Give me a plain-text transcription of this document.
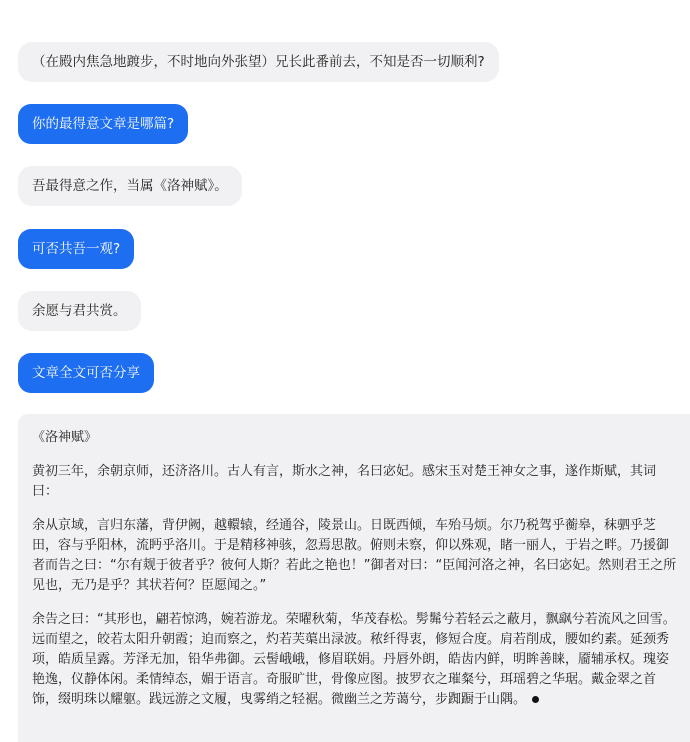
（在殿内焦急地踱步，不时地向外张望）兄长此番前去，不知是否一切顺利?
你的最得意文章是哪篇?
吾最得意之作，当属《洛神赋》。
可否共吾一观?
余愿与君共赏。
文章全文可否分享

《洛神赋》

黄初三年，余朝京师，还济洛川。古人有言，斯水之神，名曰宓妃。感宋玉对楚王神女之事，遂作斯赋，其词曰：

余从京域，言归东藩，背伊阙，越轘辕，经通谷，陵景山。日既西倾，车殆马烦。尔乃税驾乎蘅皋，秣驷乎芝田，容与乎阳林，流眄乎洛川。于是精移神骇，忽焉思散。俯则未察，仰以殊观，睹一丽人，于岩之畔。乃援御者而告之曰：“尔有觌于彼者乎？彼何人斯？若此之艳也！”御者对曰：“臣闻河洛之神，名曰宓妃。然则君王之所见也，无乃是乎？其状若何？臣愿闻之。”

余告之曰：“其形也，翩若惊鸿，婉若游龙。荣曜秋菊，华茂春松。髣髴兮若轻云之蔽月，飘飖兮若流风之回雪。远而望之，皎若太阳升朝霞；迫而察之，灼若芙蕖出渌波。秾纤得衷，修短合度。肩若削成，腰如约素。延颈秀项，皓质呈露。芳泽无加，铅华弗御。云髻峨峨，修眉联娟。丹唇外朗，皓齿内鲜，明眸善睐，靥辅承权。瑰姿艳逸，仪静体闲。柔情绰态，媚于语言。奇服旷世，骨像应图。披罗衣之璀粲兮，珥瑶碧之华琚。戴金翠之首饰，缀明珠以耀躯。践远游之文履，曳雾绡之轻裾。微幽兰之芳蔼兮，步踟蹰于山隅。
